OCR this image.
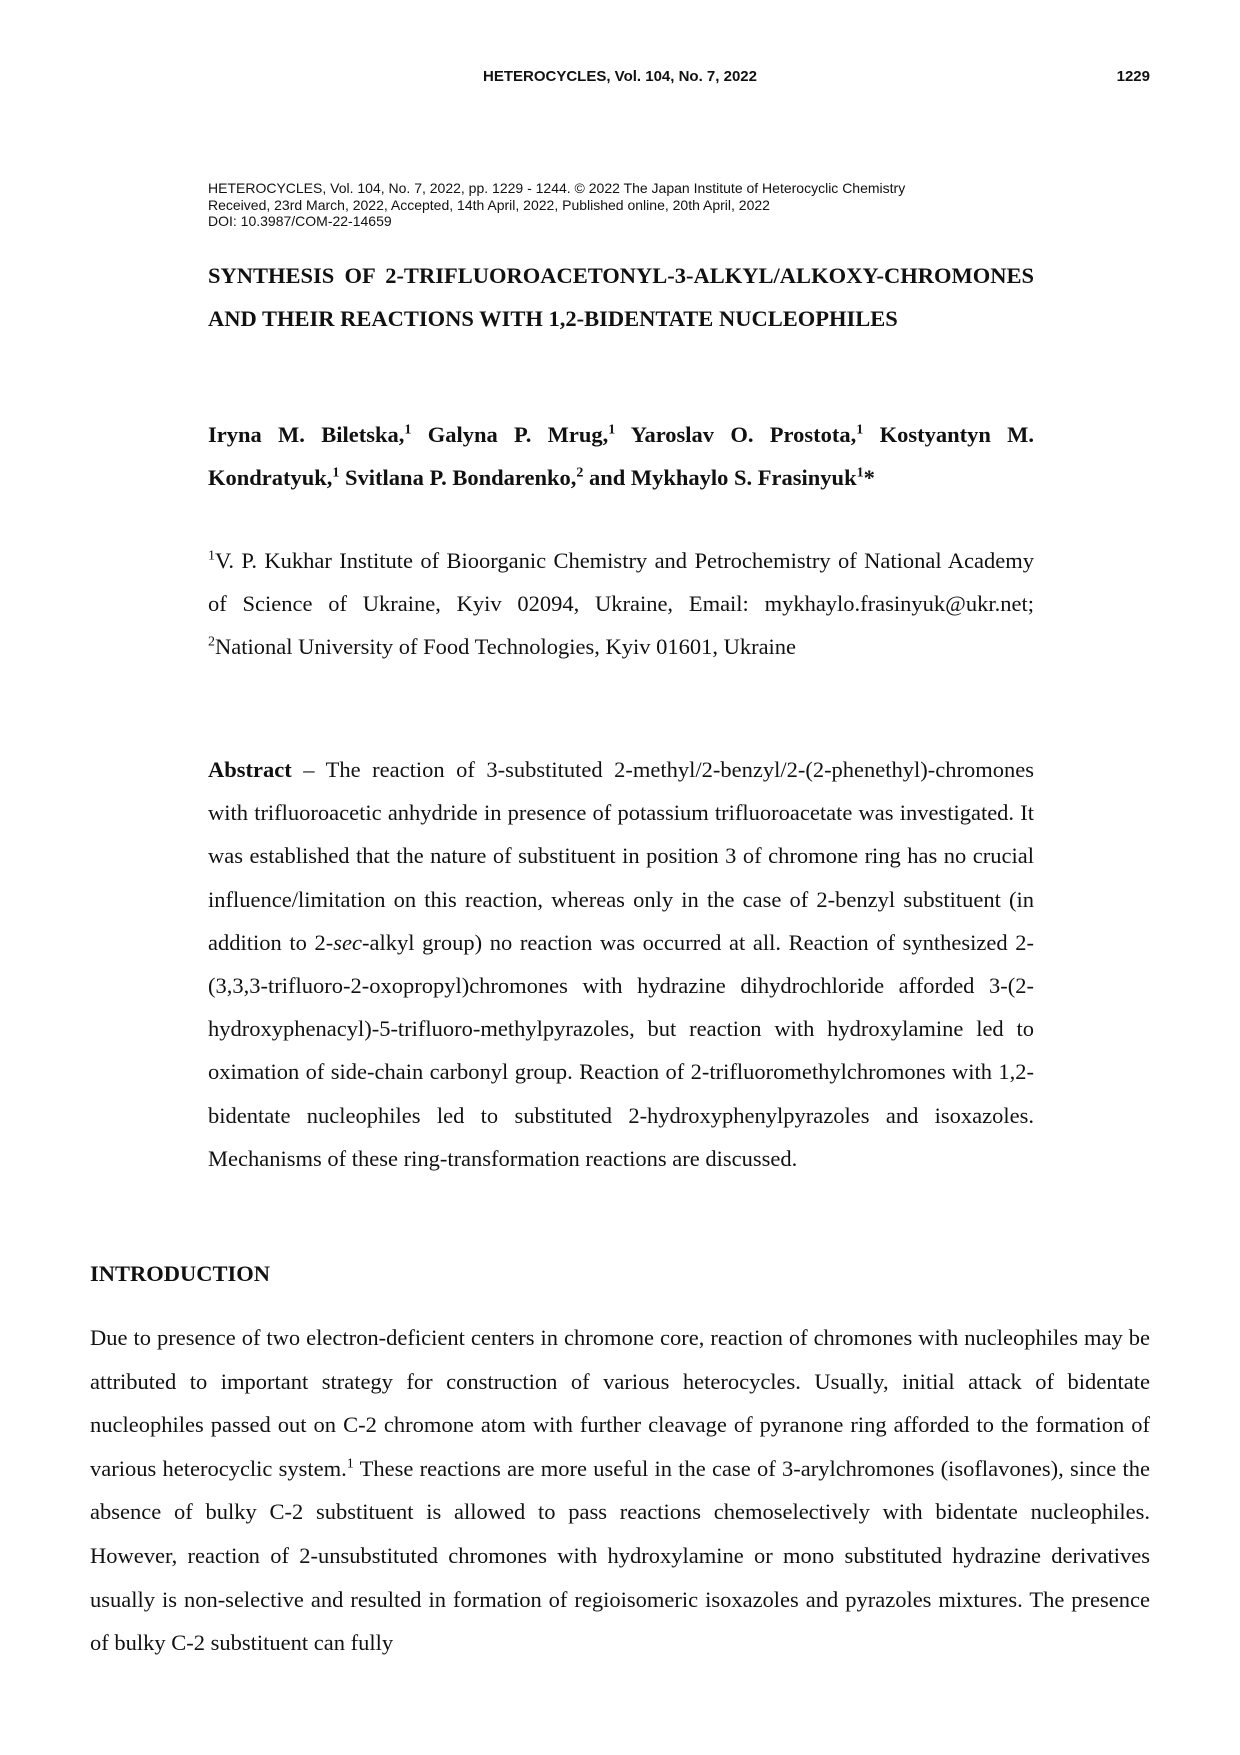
HETEROCYCLES, Vol. 104, No. 7, 2022	1229
HETEROCYCLES, Vol. 104, No. 7, 2022, pp. 1229 - 1244. © 2022 The Japan Institute of Heterocyclic Chemistry
Received, 23rd March, 2022, Accepted, 14th April, 2022, Published online, 20th April, 2022
DOI: 10.3987/COM-22-14659
SYNTHESIS OF 2-TRIFLUOROACETONYL-3-ALKYL/ALKOXY-CHROMONES AND THEIR REACTIONS WITH 1,2-BIDENTATE NUCLEOPHILES
Iryna M. Biletska,$^1$ Galyna P. Mrug,$^1$ Yaroslav O. Prostota,$^1$ Kostyantyn M. Kondratyuk,$^1$ Svitlana P. Bondarenko,$^2$ and Mykhaylo S. Frasinyuk$^1$*
$^1$V. P. Kukhar Institute of Bioorganic Chemistry and Petrochemistry of National Academy of Science of Ukraine, Kyiv 02094, Ukraine, Email: mykhaylo.frasinyuk@ukr.net; $^2$National University of Food Technologies, Kyiv 01601, Ukraine
Abstract – The reaction of 3-substituted 2-methyl/2-benzyl/2-(2-phenethyl)-chromones with trifluoroacetic anhydride in presence of potassium trifluoroacetate was investigated. It was established that the nature of substituent in position 3 of chromone ring has no crucial influence/limitation on this reaction, whereas only in the case of 2-benzyl substituent (in addition to 2-sec-alkyl group) no reaction was occurred at all. Reaction of synthesized 2-(3,3,3-trifluoro-2-oxopropyl)chromones with hydrazine dihydrochloride afforded 3-(2-hydroxyphenacyl)-5-trifluoro-methylpyrazoles, but reaction with hydroxylamine led to oximation of side-chain carbonyl group. Reaction of 2-trifluoromethylchromones with 1,2-bidentate nucleophiles led to substituted 2-hydroxyphenylpyrazoles and isoxazoles. Mechanisms of these ring-transformation reactions are discussed.
INTRODUCTION
Due to presence of two electron-deficient centers in chromone core, reaction of chromones with nucleophiles may be attributed to important strategy for construction of various heterocycles. Usually, initial attack of bidentate nucleophiles passed out on C-2 chromone atom with further cleavage of pyranone ring afforded to the formation of various heterocyclic system.$^1$ These reactions are more useful in the case of 3-arylchromones (isoflavones), since the absence of bulky C-2 substituent is allowed to pass reactions chemoselectively with bidentate nucleophiles. However, reaction of 2-unsubstituted chromones with hydroxylamine or mono substituted hydrazine derivatives usually is non-selective and resulted in formation of regioisomeric isoxazoles and pyrazoles mixtures. The presence of bulky C-2 substituent can fully
